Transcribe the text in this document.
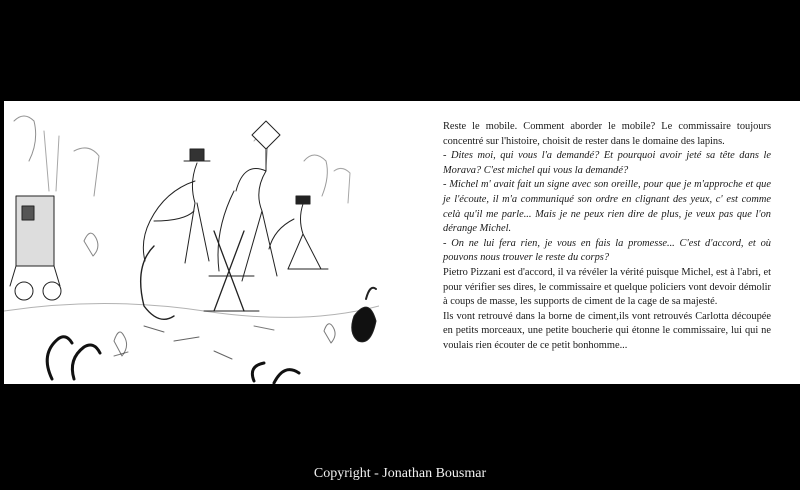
Reste le mobile. Comment aborder le mobile? Le commissaire toujours concentré sur l'histoire, choisit de rester dans le domaine des lapins.

- Dites moi, qui vous l'a demandé? Et pourquoi avoir jeté sa tête dans le Morava? C'est michel qui vous la demandé?

- Michel m' avait fait un signe avec son oreille, pour que je m'approche et que je l'écoute, il m'a communiqué son ordre en clignant des yeux, c' est comme celà qu'il me parle... Mais je ne peux rien dire de plus, je veux pas que l'on dérange Michel.

- On ne lui fera rien, je vous en fais la promesse... C'est d'accord, et où pouvons nous trouver le reste du corps?

Pietro Pizzani est d'accord, il va révéler la vérité puisque Michel, est à l'abri, et pour vérifier ses dires, le commissaire et quelque policiers vont devoir démolir à coups de masse, les supports de ciment de la cage de sa majesté.

Ils vont retrouvé dans la borne de ciment,ils vont retrouvés Carlotta découpée en petits morceaux, une petite boucherie qui étonne le commissaire, lui qui ne voulais rien écouter de ce petit bonhomme...

Copyright - Jonathan Bousmar
